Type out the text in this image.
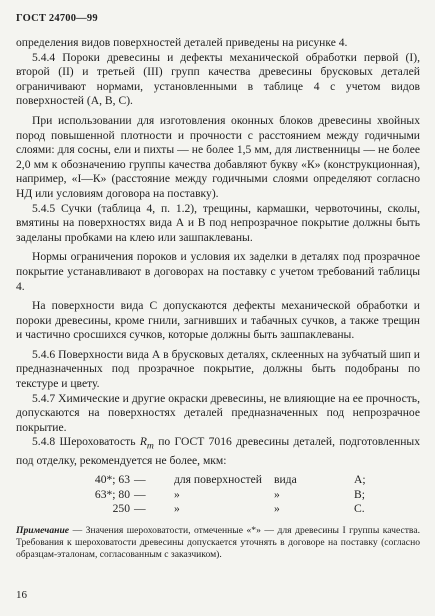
ГОСТ 24700—99

определения видов поверхностей деталей приведены на рисунке 4.

5.4.4 Пороки древесины и дефекты механической обработки первой (I), второй (II) и третьей (III) групп качества древесины брусковых деталей ограничивают нормами, установленными в таблице 4 с учетом видов поверхностей (А, В, С).

При использовании для изготовления оконных блоков древесины хвойных пород повышенной плотности и прочности с расстоянием между годичными слоями: для сосны, ели и пихты — не более 1,5 мм, для лиственницы — не более 2,0 мм к обозначению группы качества добавляют букву «К» (конструкционная), например, «I—К» (расстояние между годичными слоями определяют согласно НД или условиям договора на поставку).

5.4.5 Сучки (таблица 4, п. 1.2), трещины, кармашки, червоточины, сколы, вмятины на поверхностях вида А и В под непрозрачное покрытие должны быть заделаны пробками на клею или зашпаклеваны.

Нормы ограничения пороков и условия их заделки в деталях под прозрачное покрытие устанавливают в договорах на поставку с учетом требований таблицы 4.

На поверхности вида С допускаются дефекты механической обработки и пороки древесины, кроме гнили, загнивших и табачных сучков, а также трещин и частично сросшихся сучков, которые должны быть зашпаклеваны.

5.4.6 Поверхности вида А в брусковых деталях, склеенных на зубчатый шип и предназначенных под прозрачное покрытие, должны быть подобраны по текстуре и цвету.

5.4.7 Химические и другие окраски древесины, не влияющие на ее прочность, допускаются на поверхностях деталей предназначенных под непрозрачное покрытие.

5.4.8 Шероховатость $R_m$ по ГОСТ 7016 древесины деталей, подготовленных под отделку, рекомендуется не более, мкм:

40*; 63 —	для поверхностей	вида	А;
63*; 80 —	»	»	В;
250 —	»	»	С.

Примечание — Значения шероховатости, отмеченные «*» — для древесины I группы качества. Требования к шероховатости древесины допускается уточнять в договоре на поставку (согласно образцам-эталонам, согласованным с заказчиком).

16
